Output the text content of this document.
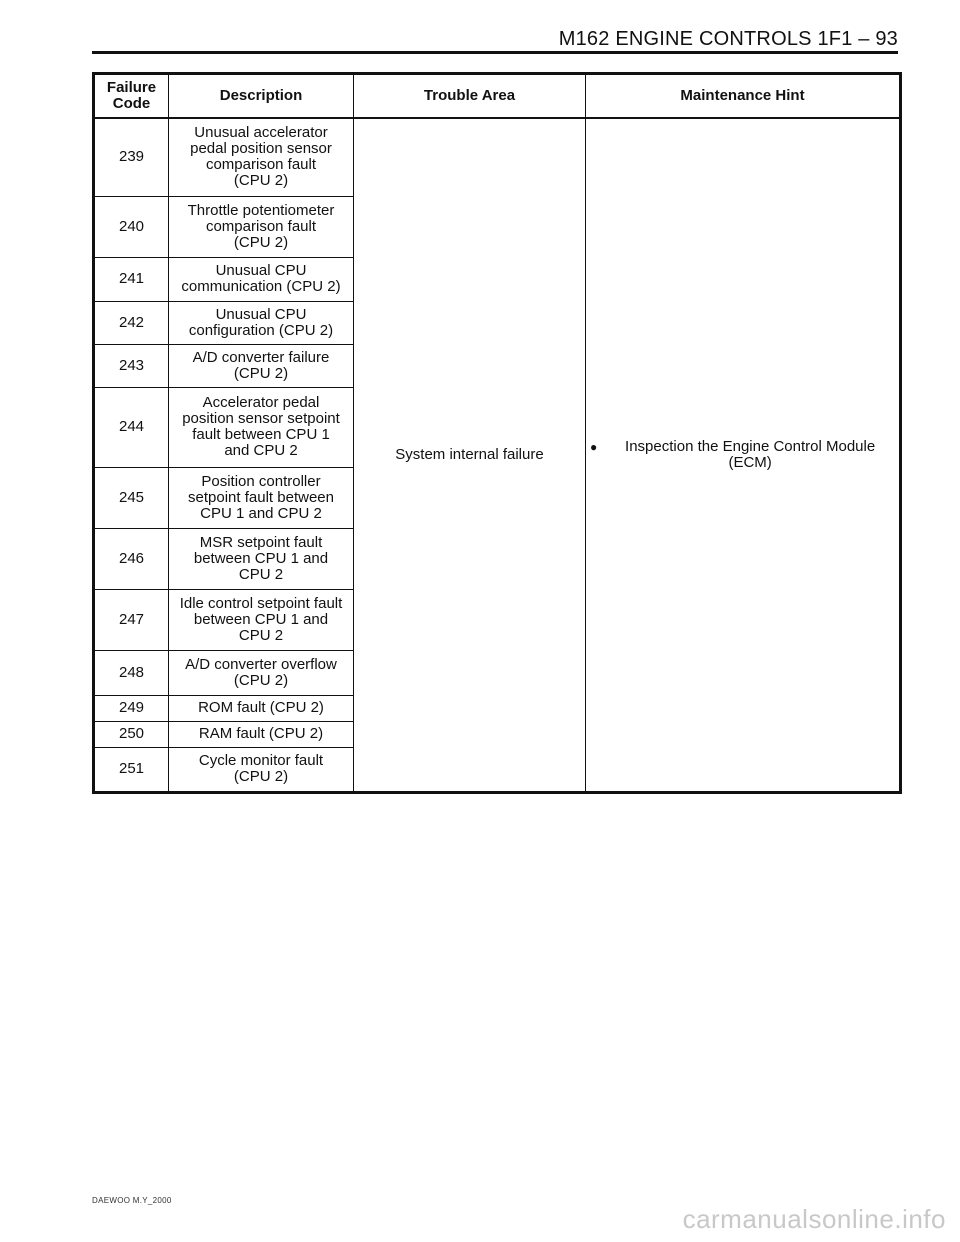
M162 ENGINE CONTROLS 1F1 – 93
Failure Code	Description	Trouble Area	Maintenance Hint
239	Unusual accelerator
pedal position sensor
comparison fault
(CPU 2)	System internal failure	● Inspection the Engine Control Module (ECM)

240	Throttle potentiometer
comparison fault
(CPU 2)		
241	Unusual CPU
communication (CPU 2)		
242	Unusual CPU
configuration (CPU 2)		
243	A/D converter failure
(CPU 2)		
244	Accelerator pedal
position sensor setpoint
fault between CPU 1
and CPU 2		
245	Position controller
setpoint fault between
CPU 1 and CPU 2		
246	MSR setpoint fault
between CPU 1 and
CPU 2		
247	Idle control setpoint fault
between CPU 1 and
CPU 2		
248	A/D converter overflow
(CPU 2)		
249	ROM fault (CPU 2)		
250	RAM fault (CPU 2)		
251	Cycle monitor fault
(CPU 2)		
DAEWOO M.Y_2000
carmanualsonline.info
